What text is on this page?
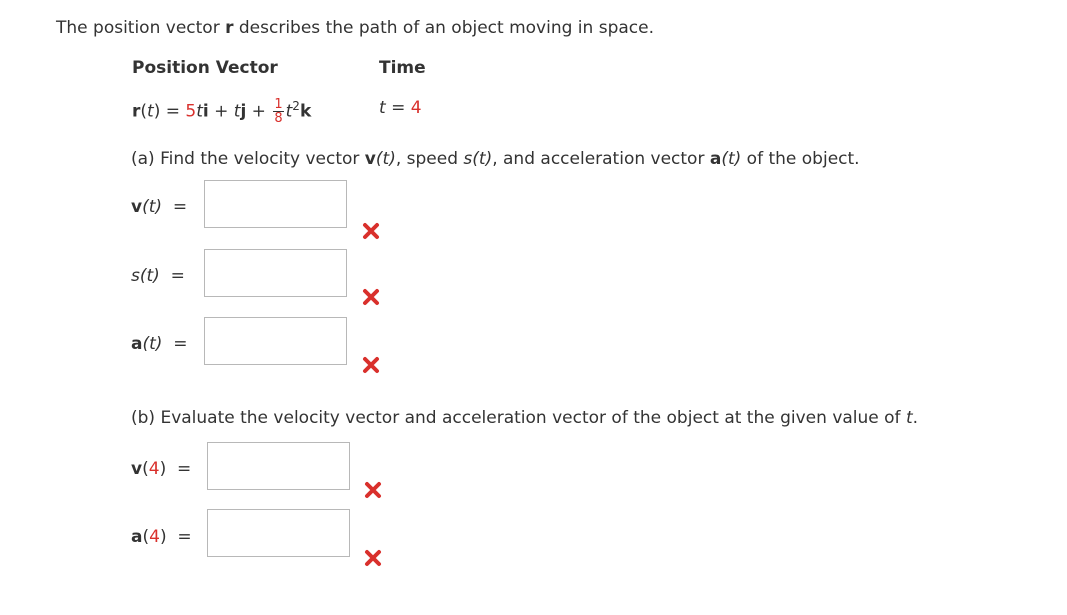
The position vector r describes the path of an object moving in space.
Position Vector	Time
r(t) = 5ti + tj + $\frac{1}{8} t^2k$	t = 4
(a) Find the velocity vector v(t), speed s(t), and acceleration vector a(t) of the object.
v(t) =
s(t) =
a(t) =
(b) Evaluate the velocity vector and acceleration vector of the object at the given value of t.
v(4) =
a(4) =
